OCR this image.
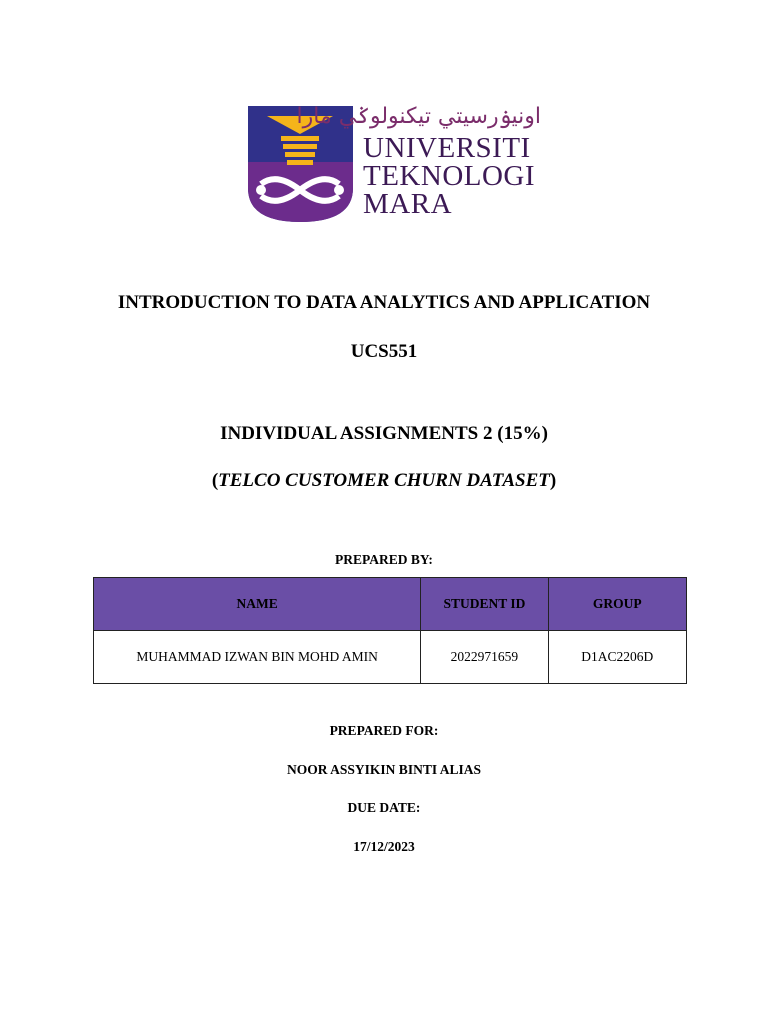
اونيۏرسيتي تيكنولوݢي مارا
UNIVERSITI
TEKNOLOGI
MARA
INTRODUCTION TO DATA ANALYTICS AND APPLICATION
UCS551
INDIVIDUAL ASSIGNMENTS 2 (15%)
(TELCO CUSTOMER CHURN DATASET)
PREPARED BY:
NAME	STUDENT ID	GROUP
MUHAMMAD IZWAN BIN MOHD AMIN	2022971659	D1AC2206D
PREPARED FOR:
NOOR ASSYIKIN BINTI ALIAS
DUE DATE:
17/12/2023
